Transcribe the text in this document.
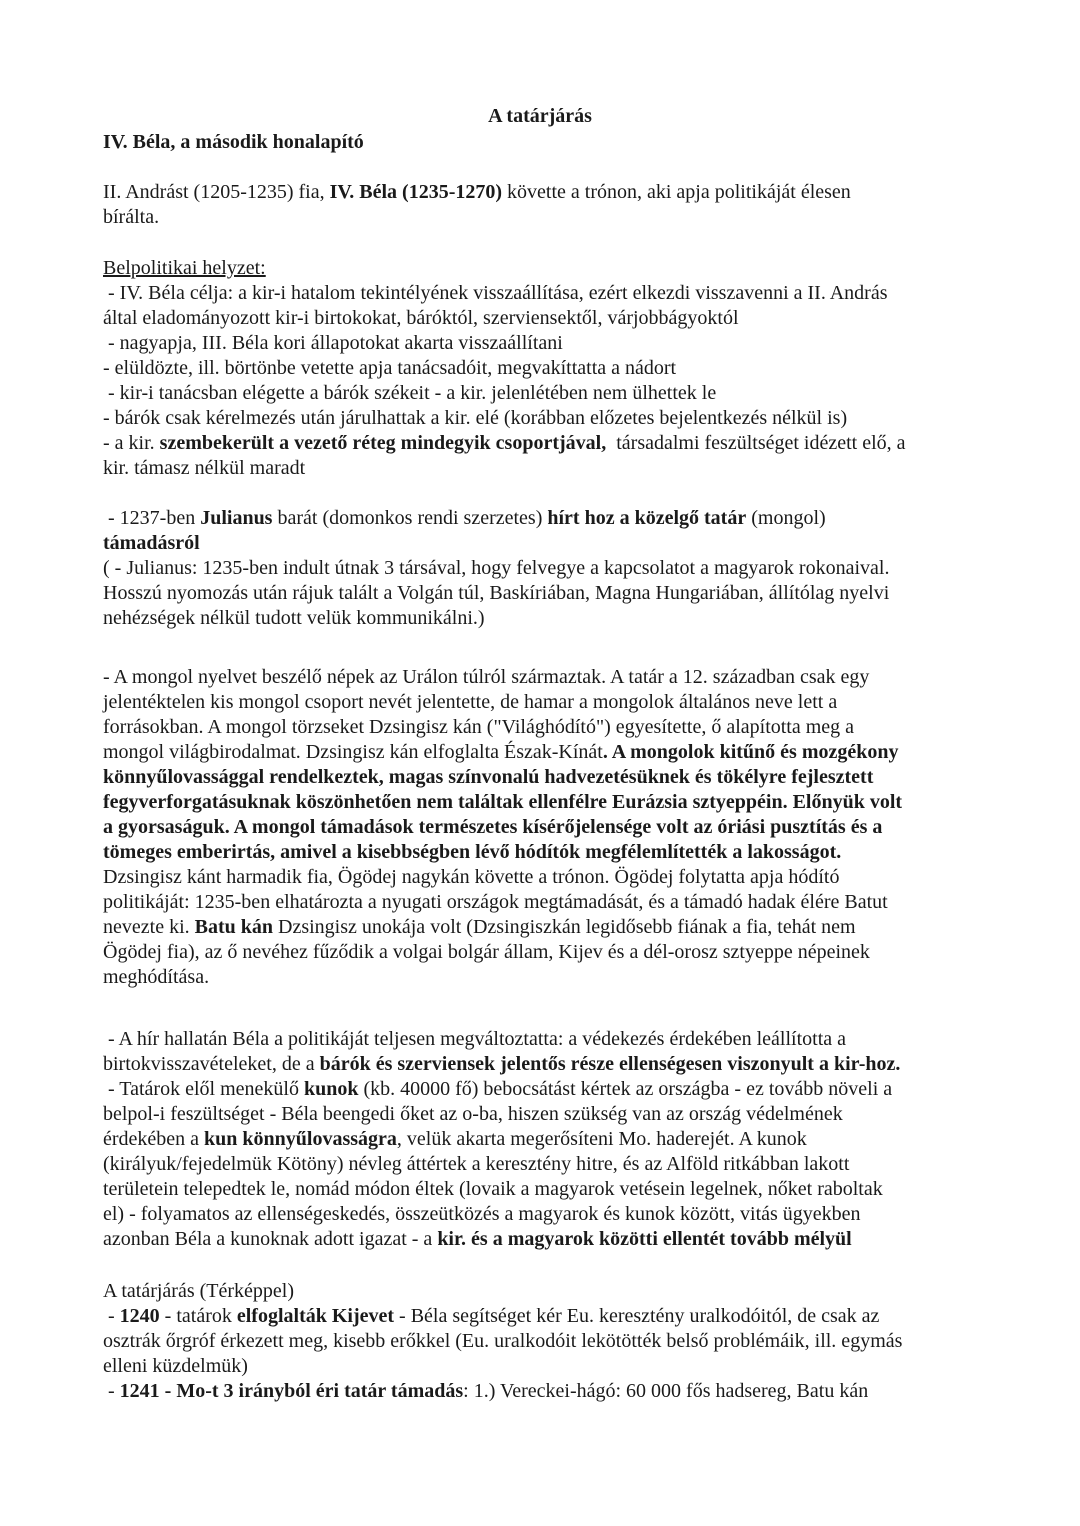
A tatárjárás
IV. Béla, a második honalapító
II. Andrást (1205-1235) fia, IV. Béla (1235-1270) követte a trónon, aki apja politikáját élesen
bírálta.
Belpolitikai helyzet:
- IV. Béla célja: a kir-i hatalom tekintélyének visszaállítása, ezért elkezdi visszavenni a II. András
által eladományozott kir-i birtokokat, báróktól, szerviensektől, várjobbágyoktól
- nagyapja, III. Béla kori állapotokat akarta visszaállítani
- elüldözte, ill. börtönbe vetette apja tanácsadóit, megvakíttatta a nádort
- kir-i tanácsban elégette a bárók székeit - a kir. jelenlétében nem ülhettek le
- bárók csak kérelmezés után járulhattak a kir. elé (korábban előzetes bejelentkezés nélkül is)
- a kir. szembekerült a vezető réteg mindegyik csoportjával,  társadalmi feszültséget idézett elő, a
kir. támasz nélkül maradt
- 1237-ben Julianus barát (domonkos rendi szerzetes) hírt hoz a közelgő tatár (mongol)
támadásról
( - Julianus: 1235-ben indult útnak 3 társával, hogy felvegye a kapcsolatot a magyarok rokonaival.
Hosszú nyomozás után rájuk talált a Volgán túl, Baskíriában, Magna Hungariában, állítólag nyelvi
nehézségek nélkül tudott velük kommunikálni.)
- A mongol nyelvet beszélő népek az Urálon túlról származtak. A tatár a 12. században csak egy
jelentéktelen kis mongol csoport nevét jelentette, de hamar a mongolok általános neve lett a
forrásokban. A mongol törzseket Dzsingisz kán ("Világhódító") egyesítette, ő alapította meg a
mongol világbirodalmat. Dzsingisz kán elfoglalta Észak-Kínát. A mongolok kitűnő és mozgékony
könnyűlovassággal rendelkeztek, magas színvonalú hadvezetésüknek és tökélyre fejlesztett
fegyverforgatásuknak köszönhetően nem találtak ellenfélre Eurázsia sztyeppéin. Előnyük volt
a gyorsaságuk. A mongol támadások természetes kísérőjelensége volt az óriási pusztítás és a
tömeges emberirtás, amivel a kisebbségben lévő hódítók megfélemlítették a lakosságot.
Dzsingisz kánt harmadik fia, Ögödej nagykán követte a trónon. Ögödej folytatta apja hódító
politikáját: 1235-ben elhatározta a nyugati országok megtámadását, és a támadó hadak élére Batut
nevezte ki. Batu kán Dzsingisz unokája volt (Dzsingiszkán legidősebb fiának a fia, tehát nem
Ögödej fia), az ő nevéhez fűződik a volgai bolgár állam, Kijev és a dél-orosz sztyeppe népeinek
meghódítása.
- A hír hallatán Béla a politikáját teljesen megváltoztatta: a védekezés érdekében leállította a
birtokvisszavételeket, de a bárók és szerviensek jelentős része ellenségesen viszonyult a kir-hoz.
- Tatárok elől menekülő kunok (kb. 40000 fő) bebocsátást kértek az országba - ez tovább növeli a
belpol-i feszültséget - Béla beengedi őket az o-ba, hiszen szükség van az ország védelmének
érdekében a kun könnyűlovasságra, velük akarta megerősíteni Mo. haderejét. A kunok
(királyuk/fejedelmük Kötöny) névleg áttértek a keresztény hitre, és az Alföld ritkábban lakott
területein telepedtek le, nomád módon éltek (lovaik a magyarok vetésein legelnek, nőket raboltak
el) - folyamatos az ellenségeskedés, összeütközés a magyarok és kunok között, vitás ügyekben
azonban Béla a kunoknak adott igazat - a kir. és a magyarok közötti ellentét tovább mélyül
A tatárjárás (Térképpel)
- 1240 - tatárok elfoglalták Kijevet - Béla segítséget kér Eu. keresztény uralkodóitól, de csak az
osztrák őrgróf érkezett meg, kisebb erőkkel (Eu. uralkodóit lekötötték belső problémáik, ill. egymás
elleni küzdelmük)
- 1241 - Mo-t 3 irányból éri tatár támadás: 1.) Vereckei-hágó: 60 000 fős hadsereg, Batu kán
